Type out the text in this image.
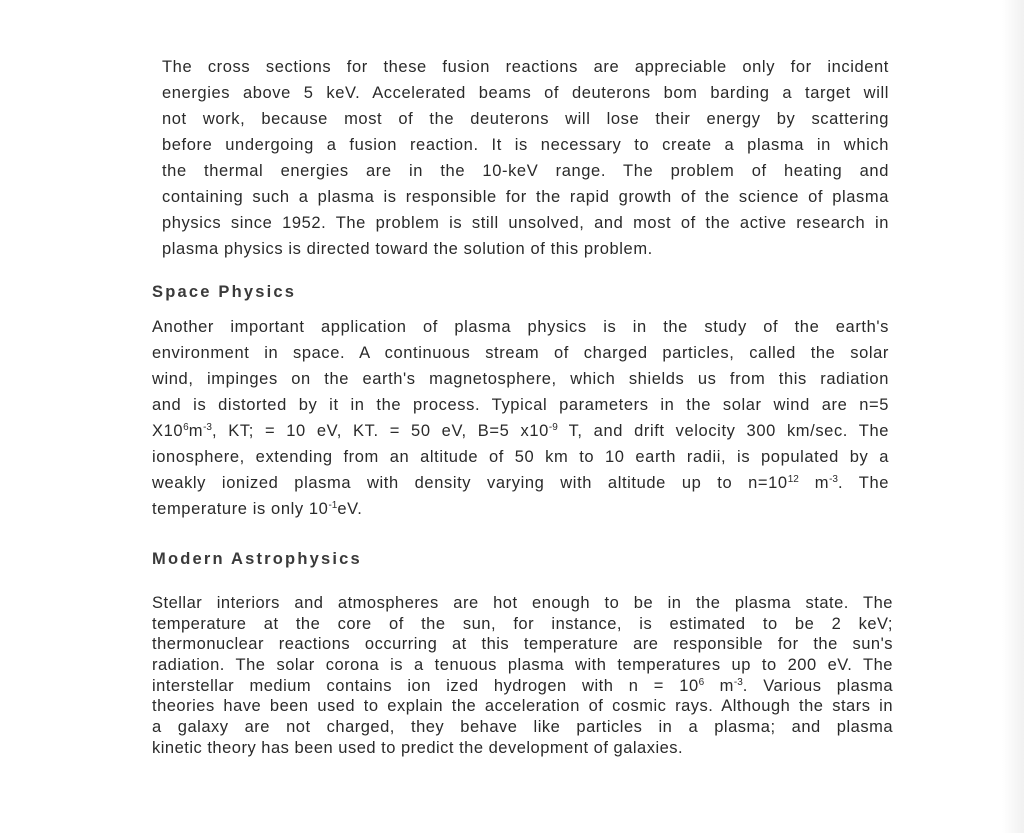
The cross sections for these fusion reactions are appreciable only for incident
energies above 5 keV. Accelerated beams of deuterons bom barding a target will
not work, because most of the deuterons will lose their energy by scattering
before undergoing a fusion reaction. It is necessary to create a plasma in which
the thermal energies are in the 10-keV range. The problem of heating and
containing such a plasma is responsible for the rapid growth of the science of plasma
physics since 1952. The problem is still unsolved, and most of the active research in
plasma physics is directed toward the solution of this problem.
Space Physics
Another important application of plasma physics is in the study of the earth's
environment in space. A continuous stream of charged particles, called the solar
wind, impinges on the earth's magnetosphere, which shields us from this radiation
and is distorted by it in the process. Typical parameters in the solar wind are n=5
$X10^6m^{-3}$, KT; = 10 eV, KT. = 50 eV, B=5 $x10^{-9}$ T, and drift velocity 300 km/sec. The
ionosphere, extending from an altitude of 50 km to 10 earth radii, is populated by a
weakly ionized plasma with density varying with altitude up to $n=10^{12}$ $m^{-3}$. The
temperature is only $10^{-1}eV$.
Modern Astrophysics
Stellar interiors and atmospheres are hot enough to be in the plasma state. The
temperature at the core of the sun, for instance, is estimated to be 2 keV;
thermonuclear reactions occurring at this temperature are responsible for the sun's
radiation. The solar corona is a tenuous plasma with temperatures up to 200 eV. The
interstellar medium contains ion ized hydrogen with $n = 10^6$ $m^{-3}$. Various plasma
theories have been used to explain the acceleration of cosmic rays. Although the stars in
a galaxy are not charged, they behave like particles in a plasma; and plasma
kinetic theory has been used to predict the development of galaxies.
